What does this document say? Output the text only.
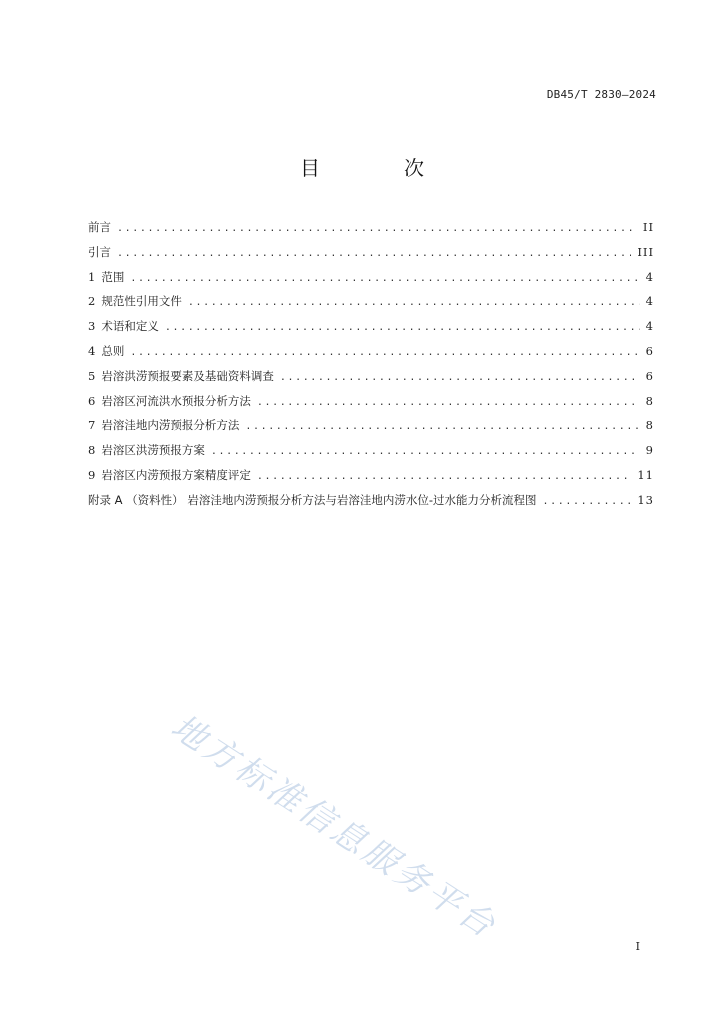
DB45/T 2830—2024
目　次
前言 .....	II
引言 .....	III
1 范围 .....	4
2 规范性引用文件 .....	4
3 术语和定义 .....	4
4 总则 .....	6
5 岩溶洪涝预报要素及基础资料调查 .....	6
6 岩溶区河流洪水预报分析方法 .....	8
7 岩溶洼地内涝预报分析方法 .....	8
8 岩溶区洪涝预报方案 .....	9
9 岩溶区内涝预报方案精度评定 .....	11
附录 A （资料性） 岩溶洼地内涝预报分析方法与岩溶洼地内涝水位-过水能力分析流程图 .....	13
地方标准信息服务平台	I
